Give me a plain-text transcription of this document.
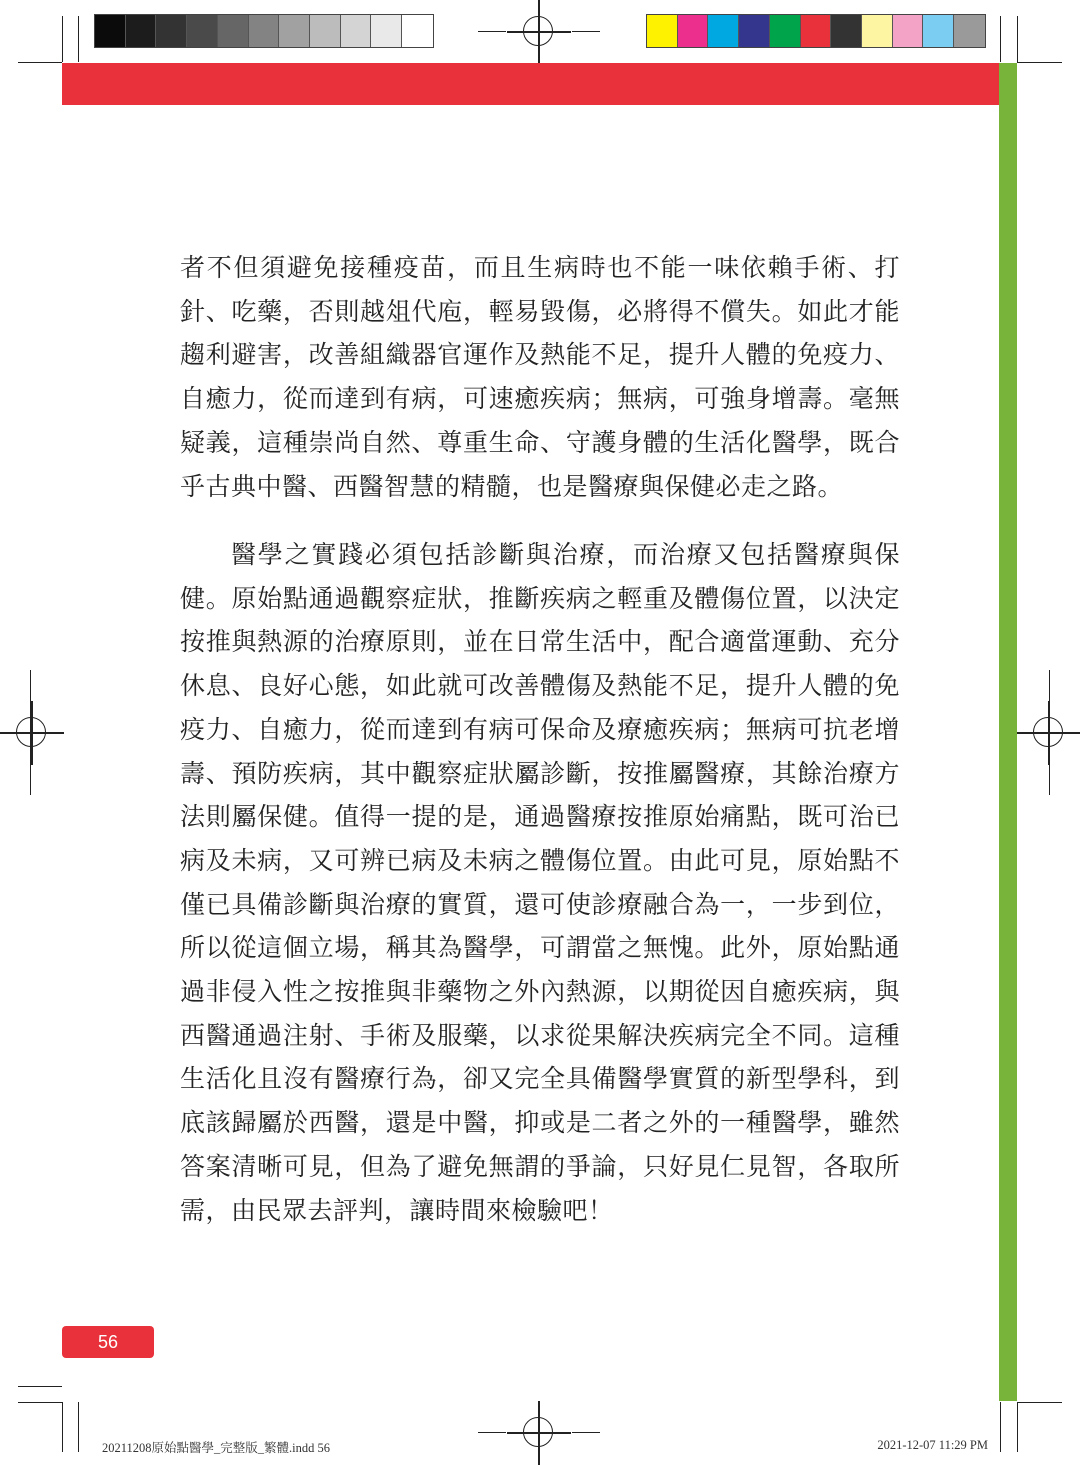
者不但須避免接種疫苗，而且生病時也不能一味依賴手術、打針、吃藥，否則越俎代庖，輕易毀傷，必將得不償失。如此才能趨利避害，改善組織器官運作及熱能不足，提升人體的免疫力、自癒力，從而達到有病，可速癒疾病；無病，可強身增壽。毫無疑義，這種崇尚自然、尊重生命、守護身體的生活化醫學，既合乎古典中醫、西醫智慧的精髓，也是醫療與保健必走之路。

醫學之實踐必須包括診斷與治療，而治療又包括醫療與保健。原始點通過觀察症狀，推斷疾病之輕重及體傷位置，以決定按推與熱源的治療原則，並在日常生活中，配合適當運動、充分休息、良好心態，如此就可改善體傷及熱能不足，提升人體的免疫力、自癒力，從而達到有病可保命及療癒疾病；無病可抗老增壽、預防疾病，其中觀察症狀屬診斷，按推屬醫療，其餘治療方法則屬保健。值得一提的是，通過醫療按推原始痛點，既可治已病及未病，又可辨已病及未病之體傷位置。由此可見，原始點不僅已具備診斷與治療的實質，還可使診療融合為一，一步到位，所以從這個立場，稱其為醫學，可謂當之無愧。此外，原始點通過非侵入性之按推與非藥物之外內熱源，以期從因自癒疾病，與西醫通過注射、手術及服藥，以求從果解決疾病完全不同。這種生活化且沒有醫療行為，卻又完全具備醫學實質的新型學科，到底該歸屬於西醫，還是中醫，抑或是二者之外的一種醫學，雖然答案清晰可見，但為了避免無謂的爭論，只好見仁見智，各取所需，由民眾去評判，讓時間來檢驗吧！

56
20211208原始點醫學_完整版_繁體.indd 56	2021-12-07 11:29 PM
